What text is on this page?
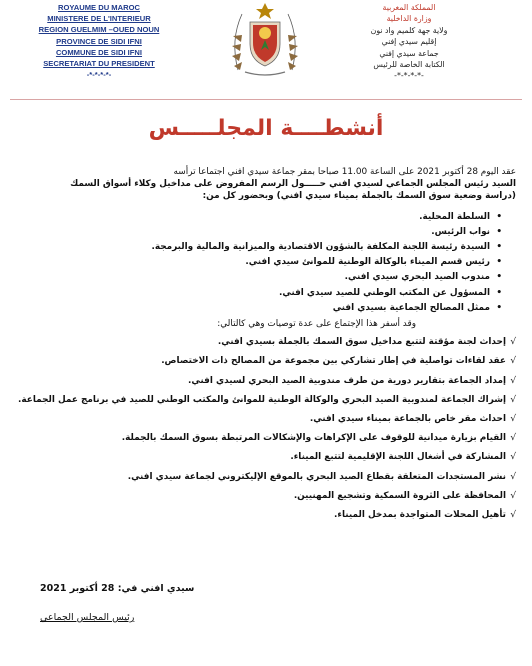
ROYAUME DU MAROC
MINISTERE DE L'INTERIEUR
REGION GUELMIM –OUED NOUN
PROVINCE DE SIDI IFNI
COMMUNE DE SIDI IFNI
SECRETARIAT DU PRESIDENT
-*-*-*-*-
المملكة المغربية
وزارة الداخلية
ولاية جهة كلميم واد نون
إقليم سيدي إفني
جماعة سيدي إفني
الكتابة الخاصة للرئيس
-*-*-*-*-
أنشطــــة المجلـــــس

عقد اليوم 28 أكتوبر 2021 على الساعة 11.00 صباحا بمقر جماعة سيدي افني اجتماعا ترأسه

السيد رئيس المجلس الجماعي لسيدي افني حـــــول الرسم المفروض على مداخيل وكلاء أسواق السمك

(دراسة وضعية سوق السمك بالجملة بميناء سيدي افني) وبحضور كل من:

•
السلطة المحلية.
•
نواب الرئيس.
•
السيدة رئيسة اللجنة المكلفة بالشؤون الاقتصادية والميزانية والمالية والبرمجة.
•
رئيس قسم الميناء بالوكالة الوطنية للموانئ سيدي افني.
•
مندوب الصيد البحري سيدي افني.
•
المسؤول عن المكتب الوطني للصيد سيدي افني.
•
ممثل المصالح الجماعية بسيدي افني

وقد أسفر هذا الإجتماع على عدة توصيات وهي كالتالي:

√
إحداث لجنة مؤقتة لتتبع مداخيل سوق السمك بالجملة بسيدي افني.
√
عقد لقاءات تواصلية في إطار تشاركي بين مجموعة من المصالح ذات الاختصاص.
√
إمداد الجماعة بتقارير دورية من طرف مندوبية الصيد البحري لسيدي افني.
√
إشراك الجماعة لمندوبية الصيد البحري والوكالة الوطنية للموانئ والمكتب الوطني للصيد في برنامج عمل الجماعة.
√
احداث مقر خاص بالجماعة بميناء سيدي افني.
√
القيام بزيارة ميدانية للوقوف على الإكراهات والإشكالات المرتبطة بسوق السمك بالجملة.
√
المشاركة في أشغال اللجنة الإقليمية لتتبع الميناء.
√
نشر المستجدات المتعلقة بقطاع الصيد البحري بالموقع الإليكتروني لجماعة سيدي افني.
√
المحافظة على الثروة السمكية وتشجيع المهنيين.
√
تأهيل المحلات المتواجدة بمدخل الميناء.
سيدي افني في: 28 أكتوبر 2021
رئيس المجلس الجماعي
